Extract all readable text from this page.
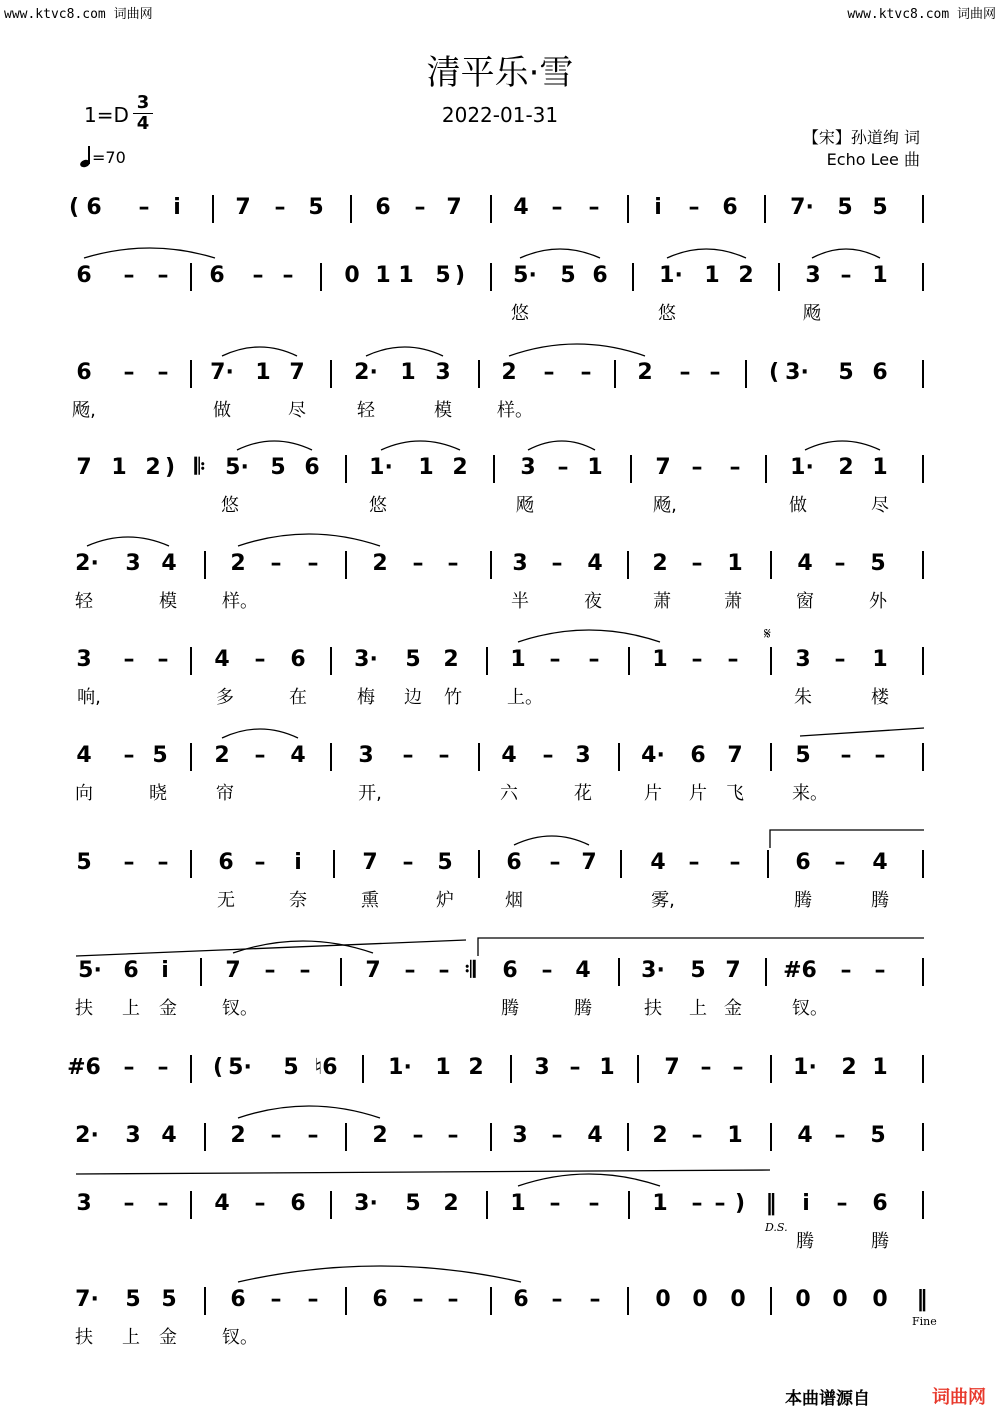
www.ktvc8.com 词曲网	www.ktvc8.com 词曲网
清平乐·雪
2022-01-31
$1=D \frac{3}{4}$
=70
【宋】孙道绚 词
Echo Lee 曲
𝄋
D.S.
Fine
( 6 – i 7 – 5 6 – 7 4 – – i – 6 7· 5 5
6 – – 6 – – 0 1 1 5 ) 5· 5 6 1· 1 2 3 – 1
悠	悠	飏
6 – – 7· 1 7 2· 1 3 2 – – 2 – – ( 3· 5 6
飏,	做	尽	轻	模	样。
7 1 2 ) 𝄆 5· 5 6 1· 1 2 3 – 1 7 – – 1· 2 1
悠	悠	飏	飏,	做	尽
2· 3 4 2 – – 2 – – 3 – 4 2 – 1 4 – 5
轻	模	样。	半	夜	萧	萧	窗	外
3 – – 4 – 6 3· 5 2 1 – – 1 – –	3 – 1
响,	多	在	梅 边 竹	上。	朱	楼
4 – 5 2 – 4 3 – – 4 – 3 4· 6 7 5 – –
向	晓	帘	开,	六	花	片 片 飞	来。
5 – – 6 – i	7 – 5 6 – 7 4 – – 6 – 4
无	奈	熏	炉	烟	雾,	腾	腾
5· 6 i	7 – – 7 – – 𝄇 6 – 4 3· 5 7 #6 – –
扶 上 金	钗。	腾	腾	扶 上 金	钗。
#6 – – ( 5· 5 ♮6 1· 1 2 3 – 1 7 – – 1· 2 1
2· 3 4 2 – – 2 – – 3 – 4 2 – 1 4 – 5
3 – – 4 – 6 3· 5 2 1 – – 1 – – ) ‖ i – 6
腾	腾
7· 5 5 6 – – 6 – – 6 – – 0 0 0 0 0 0 ‖
扶 上 金	钗。
本曲谱源自	词曲网
